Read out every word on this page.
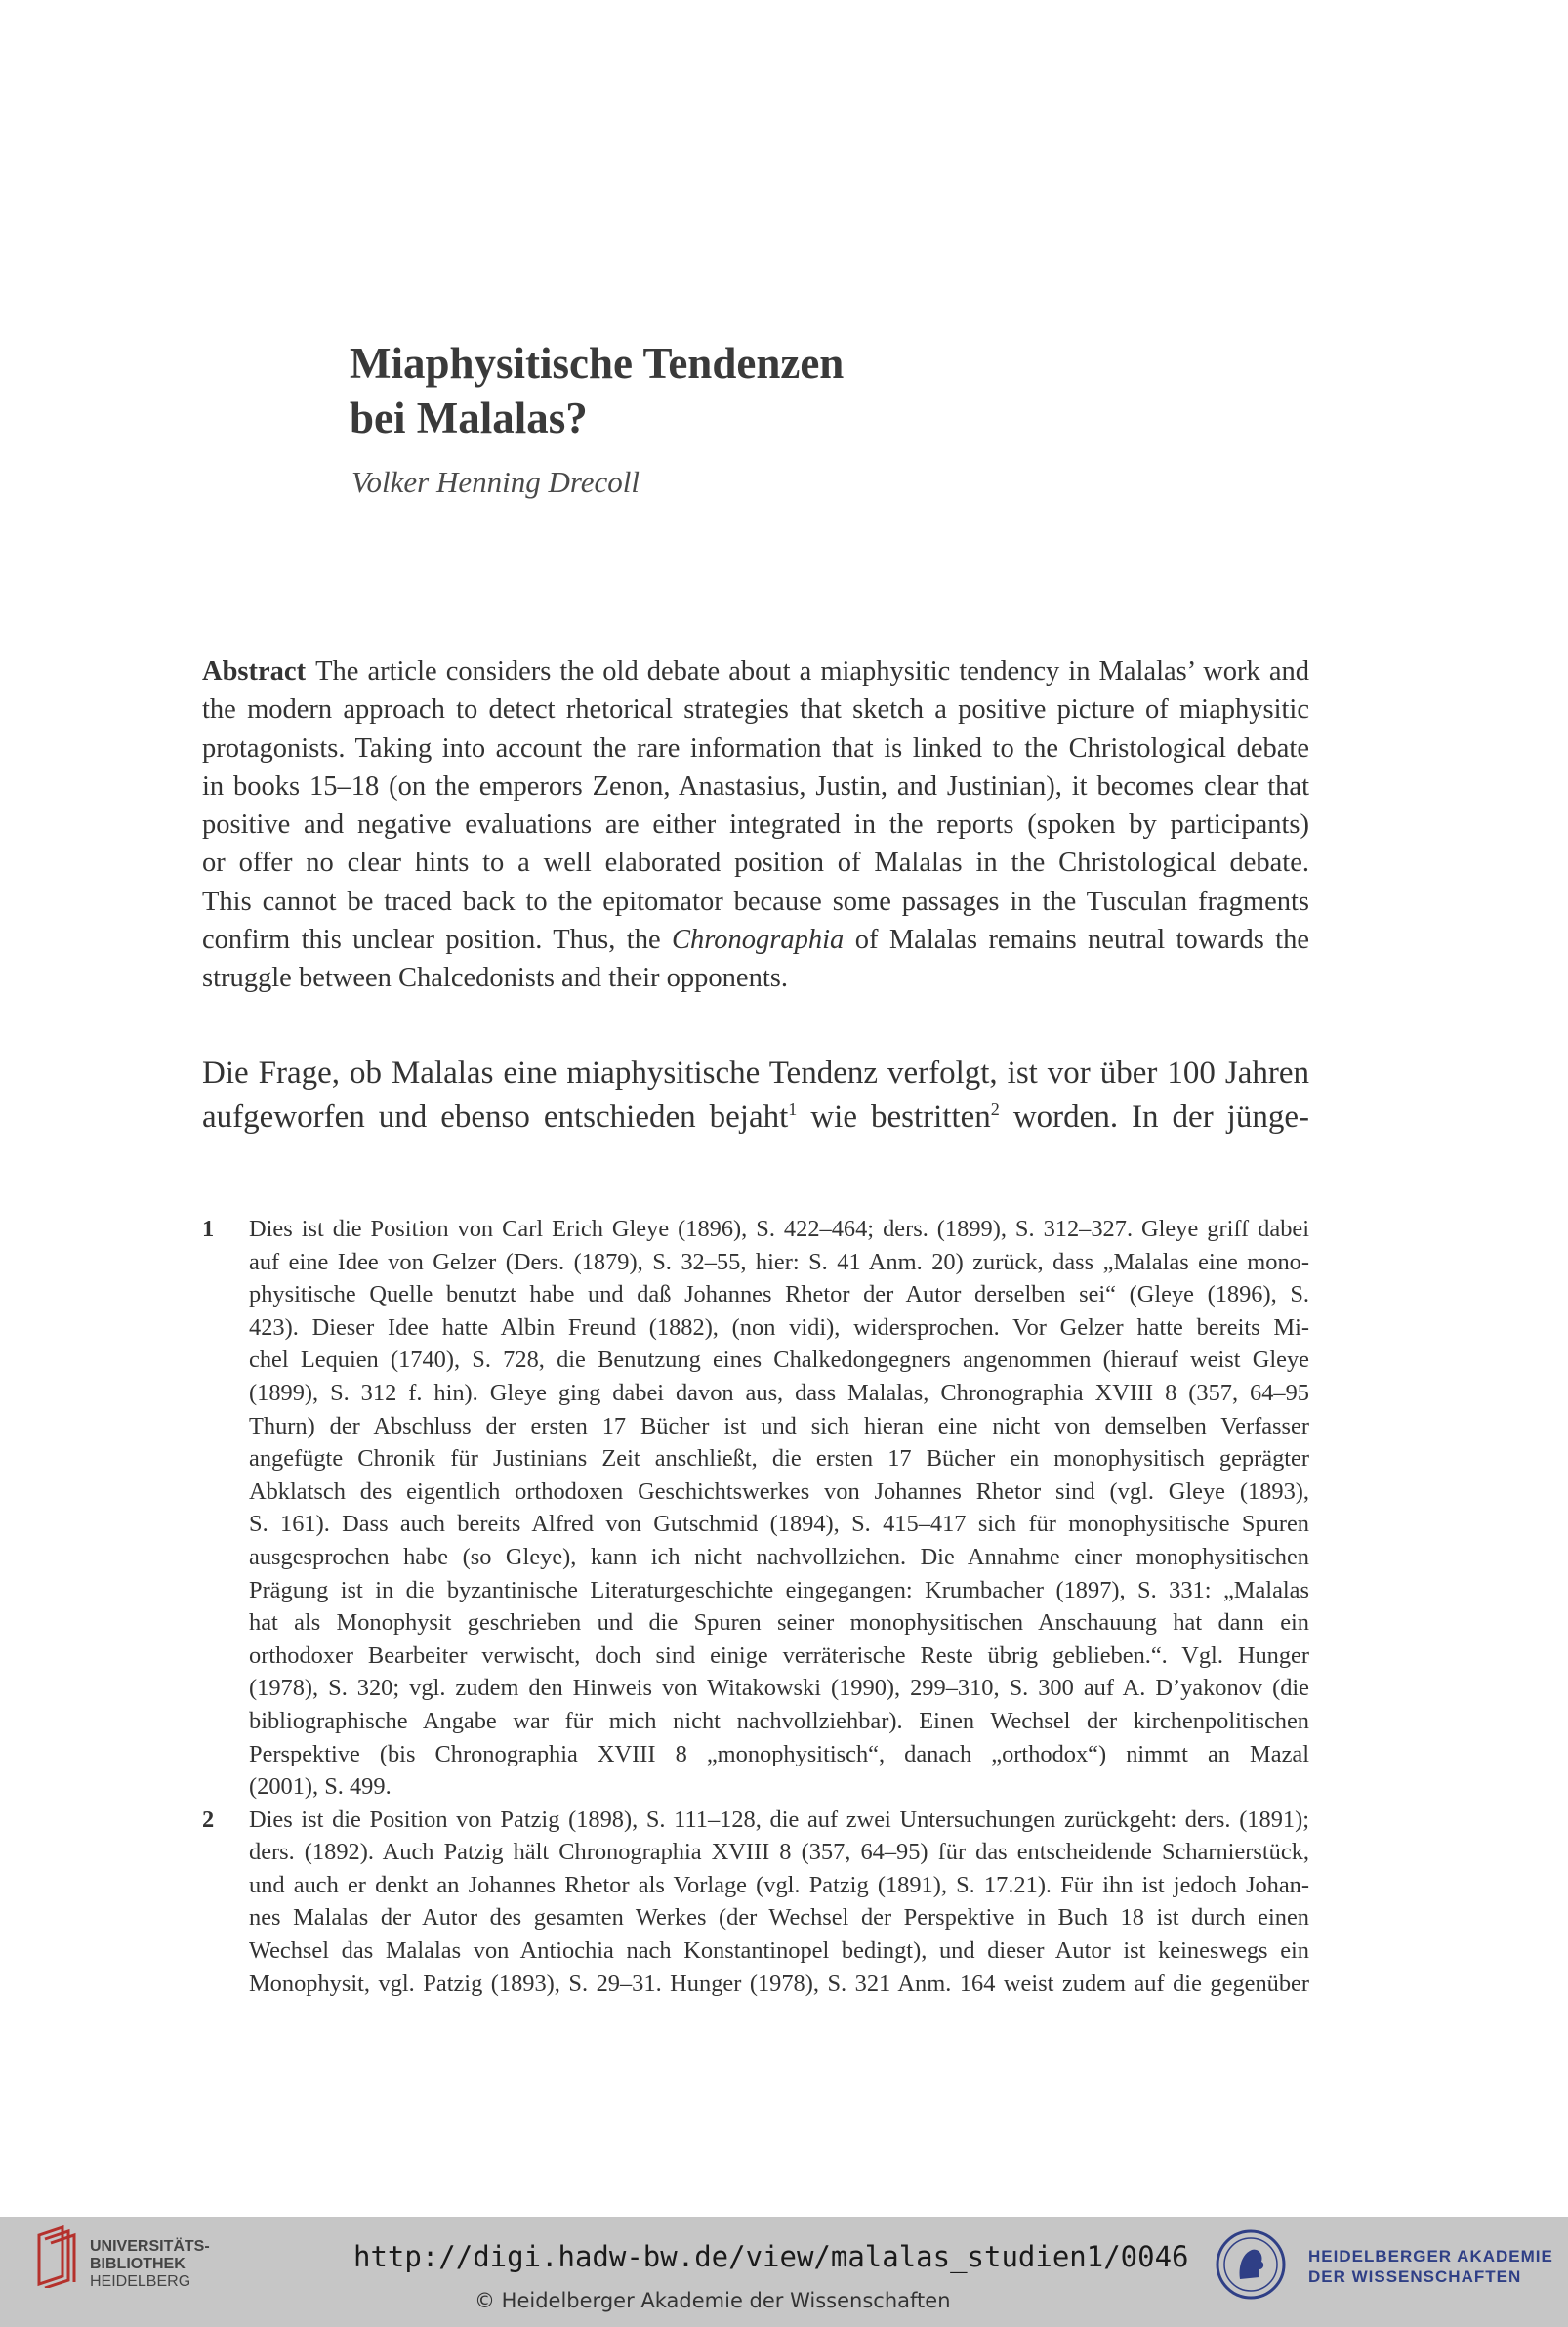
Miaphysitische Tendenzen
bei Malalas?
Volker Henning Drecoll
Abstract The article considers the old debate about a miaphysitic tendency in Malalas’ work and
the modern approach to detect rhetorical strategies that sketch a positive picture of miaphysitic
protagonists. Taking into account the rare information that is linked to the Christological debate
in books 15–18 (on the emperors Zenon, Anastasius, Justin, and Justinian), it becomes clear that
positive and negative evaluations are either integrated in the reports (spoken by participants)
or offer no clear hints to a well elaborated position of Malalas in the Christological debate.
This cannot be traced back to the epitomator because some passages in the Tusculan fragments
confirm this unclear position. Thus, the Chronographia of Malalas remains neutral towards the
struggle between Chalcedonists and their opponents.
Die Frage, ob Malalas eine miaphysitische Tendenz verfolgt, ist vor über 100 Jahren
aufgeworfen und ebenso entschieden bejaht$^1$ wie bestritten$^2$ worden. In der jünge-
1 Dies ist die Position von Carl Erich Gleye (1896), S. 422–464; ders. (1899), S. 312–327. Gleye griff dabei
auf eine Idee von Gelzer (Ders. (1879), S. 32–55, hier: S. 41 Anm. 20) zurück, dass „Malalas eine mono-
physitische Quelle benutzt habe und daß Johannes Rhetor der Autor derselben sei“ (Gleye (1896), S.
423). Dieser Idee hatte Albin Freund (1882), (non vidi), widersprochen. Vor Gelzer hatte bereits Mi-
chel Lequien (1740), S. 728, die Benutzung eines Chalkedongegners angenommen (hierauf weist Gleye
(1899), S. 312 f. hin). Gleye ging dabei davon aus, dass Malalas, Chronographia XVIII 8 (357, 64–95
Thurn) der Abschluss der ersten 17 Bücher ist und sich hieran eine nicht von demselben Verfasser
angefügte Chronik für Justinians Zeit anschließt, die ersten 17 Bücher ein monophysitisch geprägter
Abklatsch des eigentlich orthodoxen Geschichtswerkes von Johannes Rhetor sind (vgl. Gleye (1893),
S. 161). Dass auch bereits Alfred von Gutschmid (1894), S. 415–417 sich für monophysitische Spuren
ausgesprochen habe (so Gleye), kann ich nicht nachvollziehen. Die Annahme einer monophysitischen
Prägung ist in die byzantinische Literaturgeschichte eingegangen: Krumbacher (1897), S. 331: „Malalas
hat als Monophysit geschrieben und die Spuren seiner monophysitischen Anschauung hat dann ein
orthodoxer Bearbeiter verwischt, doch sind einige verräterische Reste übrig geblieben.“. Vgl. Hunger
(1978), S. 320; vgl. zudem den Hinweis von Witakowski (1990), 299–310, S. 300 auf A. D’yakonov (die
bibliographische Angabe war für mich nicht nachvollziehbar). Einen Wechsel der kirchenpolitischen
Perspektive (bis Chronographia XVIII 8 „monophysitisch“, danach „orthodox“) nimmt an Mazal
(2001), S. 499.
2 Dies ist die Position von Patzig (1898), S. 111–128, die auf zwei Untersuchungen zurückgeht: ders. (1891);
ders. (1892). Auch Patzig hält Chronographia XVIII 8 (357, 64–95) für das entscheidende Scharnierstück,
und auch er denkt an Johannes Rhetor als Vorlage (vgl. Patzig (1891), S. 17.21). Für ihn ist jedoch Johan-
nes Malalas der Autor des gesamten Werkes (der Wechsel der Perspektive in Buch 18 ist durch einen
Wechsel das Malalas von Antiochia nach Konstantinopel bedingt), und dieser Autor ist keineswegs ein
Monophysit, vgl. Patzig (1893), S. 29–31. Hunger (1978), S. 321 Anm. 164 weist zudem auf die gegenüber
UNIVERSITÄTS-
BIBLIOTHEK
HEIDELBERG
http://digi.hadw-bw.de/view/malalas_studien1/0046
© Heidelberger Akademie der Wissenschaften
HEIDELBERGER AKADEMIE
DER WISSENSCHAFTEN
